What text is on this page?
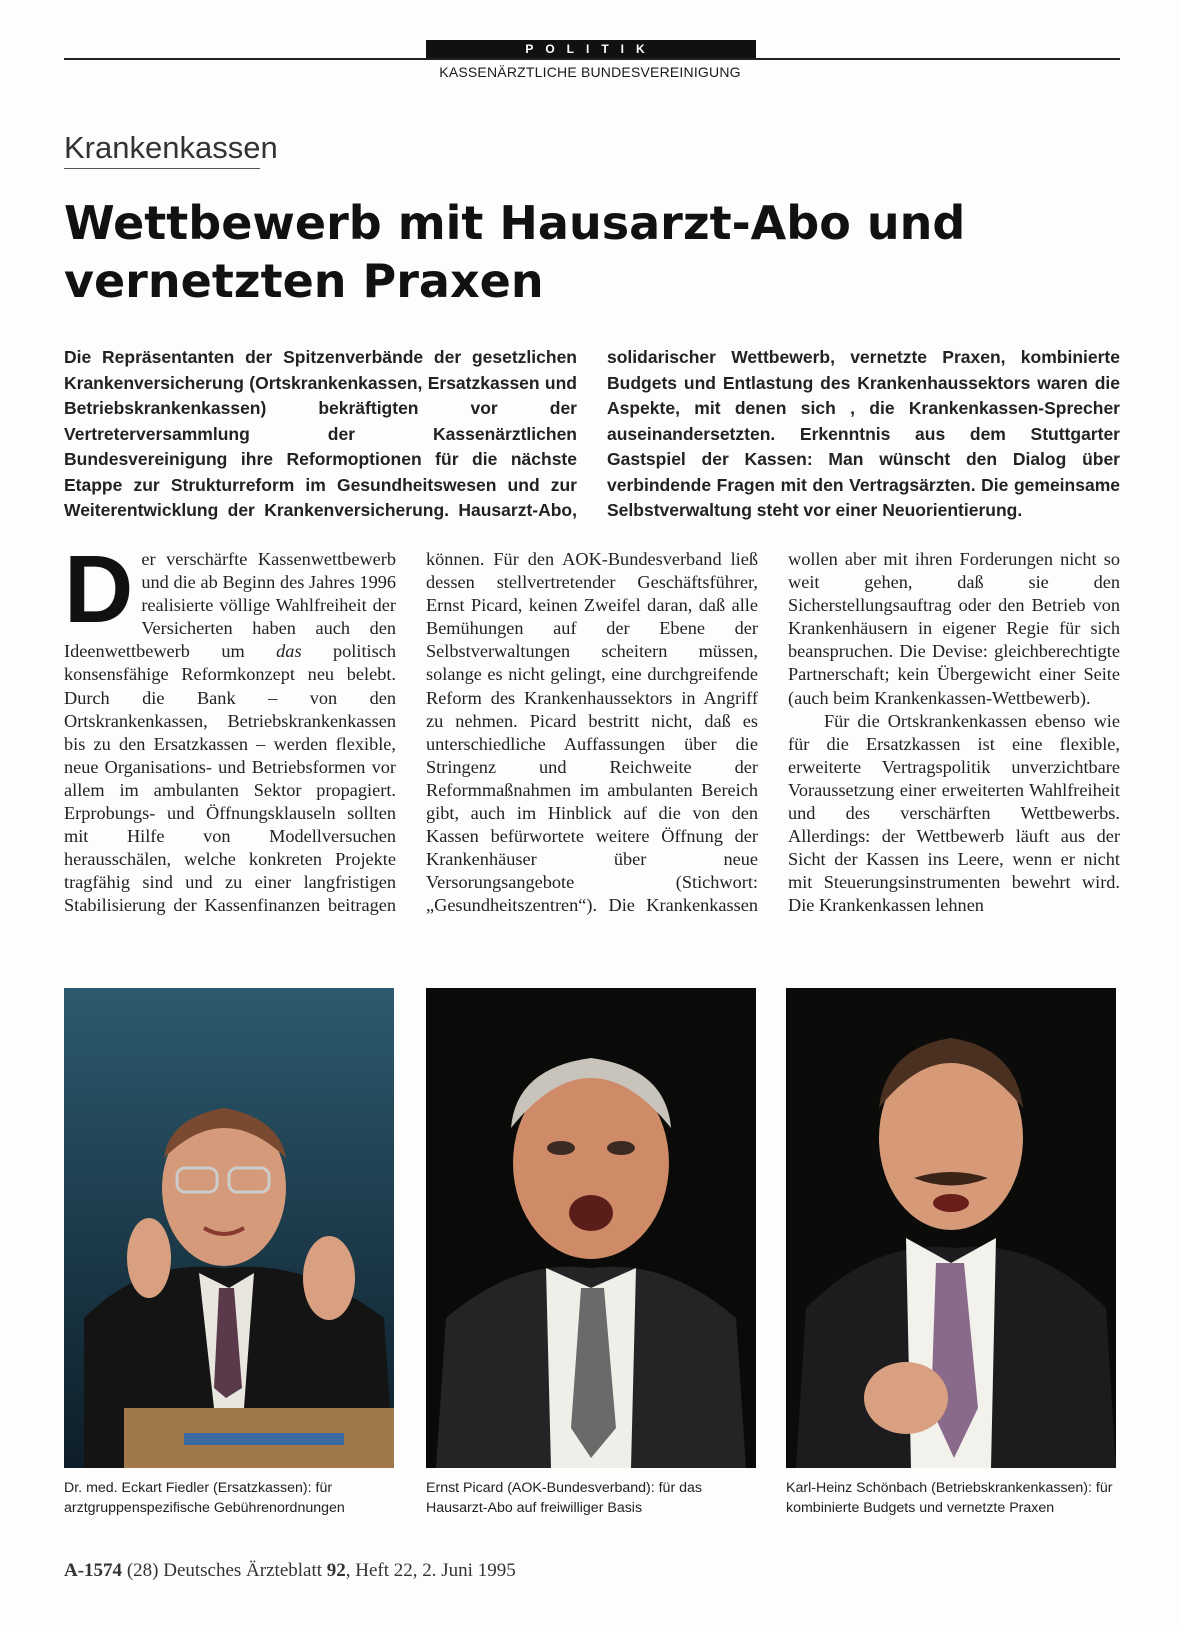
POLITIK
KASSENÄRZTLICHE BUNDESVEREINIGUNG
Krankenkassen
Wettbewerb mit Hausarzt-Abo und vernetzten Praxen

Die Repräsentanten der Spitzenverbände der gesetzlichen Krankenversicherung (Ortskrankenkassen, Ersatzkassen und Betriebskrankenkassen) bekräftigten vor der Vertreterversammlung der Kassenärztlichen Bundesvereinigung ihre Reformoptionen für die nächste Etappe zur Strukturreform im Gesundheitswesen und zur Weiterentwicklung der Krankenversicherung. Hausarzt-Abo, solidarischer Wettbewerb, vernetzte Praxen, kombinierte Budgets und Entlastung des Krankenhaussektors waren die Aspekte, mit denen sich , die Krankenkassen-Sprecher auseinandersetzten. Erkenntnis aus dem Stuttgarter Gastspiel der Kassen: Man wünscht den Dialog über verbindende Fragen mit den Vertragsärzten. Die gemeinsame Selbstverwaltung steht vor einer Neuorientierung.

Der verschärfte Kassenwettbewerb und die ab Beginn des Jahres 1996 realisierte völlige Wahlfreiheit der Versicherten haben auch den Ideenwettbewerb um das politisch konsensfähige Reformkonzept neu belebt. Durch die Bank – von den Ortskrankenkassen, Betriebskrankenkassen bis zu den Ersatzkassen – werden flexible, neue Organisations- und Betriebsformen vor allem im ambulanten Sektor propagiert. Erprobungs- und Öffnungsklauseln sollten mit Hilfe von Modellversuchen herausschälen, welche konkreten Projekte tragfähig sind und zu einer langfristigen Stabilisierung der Kassenfinanzen beitragen können. Für den AOK-Bundesverband ließ dessen stellvertretender Geschäftsführer, Ernst Picard, keinen Zweifel daran, daß alle Bemühungen auf der Ebene der Selbstverwaltungen scheitern müssen, solange es nicht gelingt, eine durchgreifende Reform des Krankenhaussektors in Angriff zu nehmen. Picard bestritt nicht, daß es unterschiedliche Auffassungen über die Stringenz und Reichweite der Reformmaßnahmen im ambulanten Bereich gibt, auch im Hinblick auf die von den Kassen befürwortete weitere Öffnung der Krankenhäuser über neue Versorungsangebote (Stichwort: „Gesundheitszentren“). Die Krankenkassen wollen aber mit ihren Forderungen nicht so weit gehen, daß sie den Sicherstellungsauftrag oder den Betrieb von Krankenhäusern in eigener Regie für sich beanspruchen. Die Devise: gleichberechtigte Partnerschaft; kein Übergewicht einer Seite (auch beim Krankenkassen-Wettbewerb).
Für die Ortskrankenkassen ebenso wie für die Ersatzkassen ist eine flexible, erweiterte Vertragspolitik unverzichtbare Voraussetzung einer erweiterten Wahlfreiheit und des verschärften Wettbewerbs. Allerdings: der Wettbewerb läuft aus der Sicht der Kassen ins Leere, wenn er nicht mit Steuerungsinstrumenten bewehrt wird. Die Krankenkassen lehnen
Dr. med. Eckart Fiedler (Ersatzkassen): für arztgruppenspezifische Gebührenordnungen
Ernst Picard (AOK-Bundesverband): für das Hausarzt-Abo auf freiwilliger Basis
Karl-Heinz Schönbach (Betriebskrankenkassen): für kombinierte Budgets und vernetzte Praxen
A-1574 (28) Deutsches Ärzteblatt 92, Heft 22, 2. Juni 1995
